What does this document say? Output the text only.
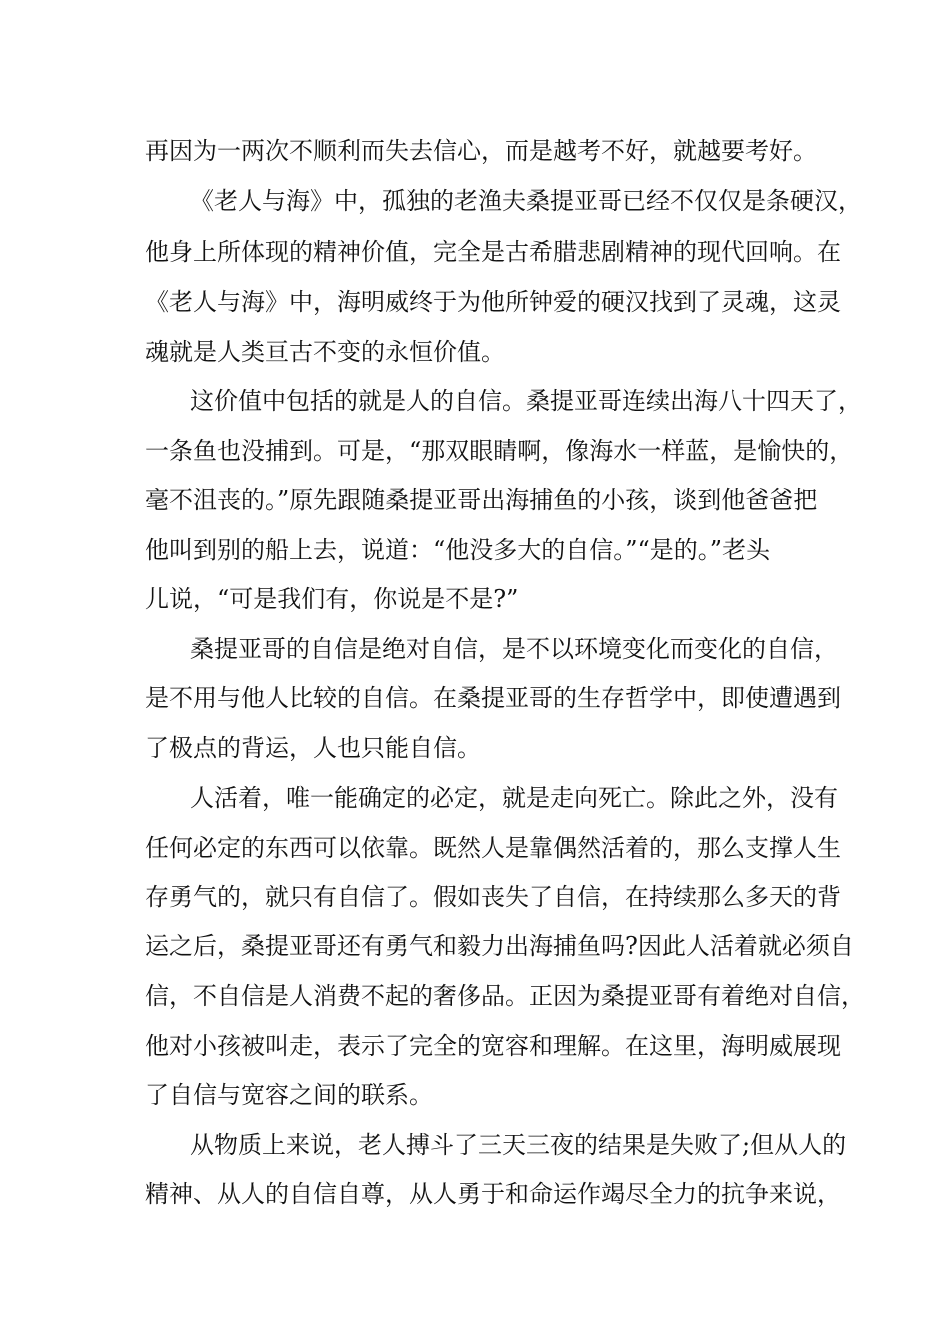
再因为一两次不顺利而失去信心，而是越考不好，就越要考好。
《老人与海》中，孤独的老渔夫桑提亚哥已经不仅仅是条硬汉，
他身上所体现的精神价值，完全是古希腊悲剧精神的现代回响。在
《老人与海》中，海明威终于为他所钟爱的硬汉找到了灵魂，这灵
魂就是人类亘古不变的永恒价值。
这价值中包括的就是人的自信。桑提亚哥连续出海八十四天了，
一条鱼也没捕到。可是，“那双眼睛啊，像海水一样蓝，是愉快的，
毫不沮丧的。”原先跟随桑提亚哥出海捕鱼的小孩，谈到他爸爸把
他叫到别的船上去，说道：“他没多大的自信。”“是的。”老头
儿说，“可是我们有，你说是不是?”
桑提亚哥的自信是绝对自信，是不以环境变化而变化的自信，
是不用与他人比较的自信。在桑提亚哥的生存哲学中，即使遭遇到
了极点的背运，人也只能自信。
人活着，唯一能确定的必定，就是走向死亡。除此之外，没有
任何必定的东西可以依靠。既然人是靠偶然活着的，那么支撑人生
存勇气的，就只有自信了。假如丧失了自信，在持续那么多天的背
运之后，桑提亚哥还有勇气和毅力出海捕鱼吗?因此人活着就必须自
信，不自信是人消费不起的奢侈品。正因为桑提亚哥有着绝对自信，
他对小孩被叫走，表示了完全的宽容和理解。在这里，海明威展现
了自信与宽容之间的联系。
从物质上来说，老人搏斗了三天三夜的结果是失败了;但从人的
精神、从人的自信自尊，从人勇于和命运作竭尽全力的抗争来说，
